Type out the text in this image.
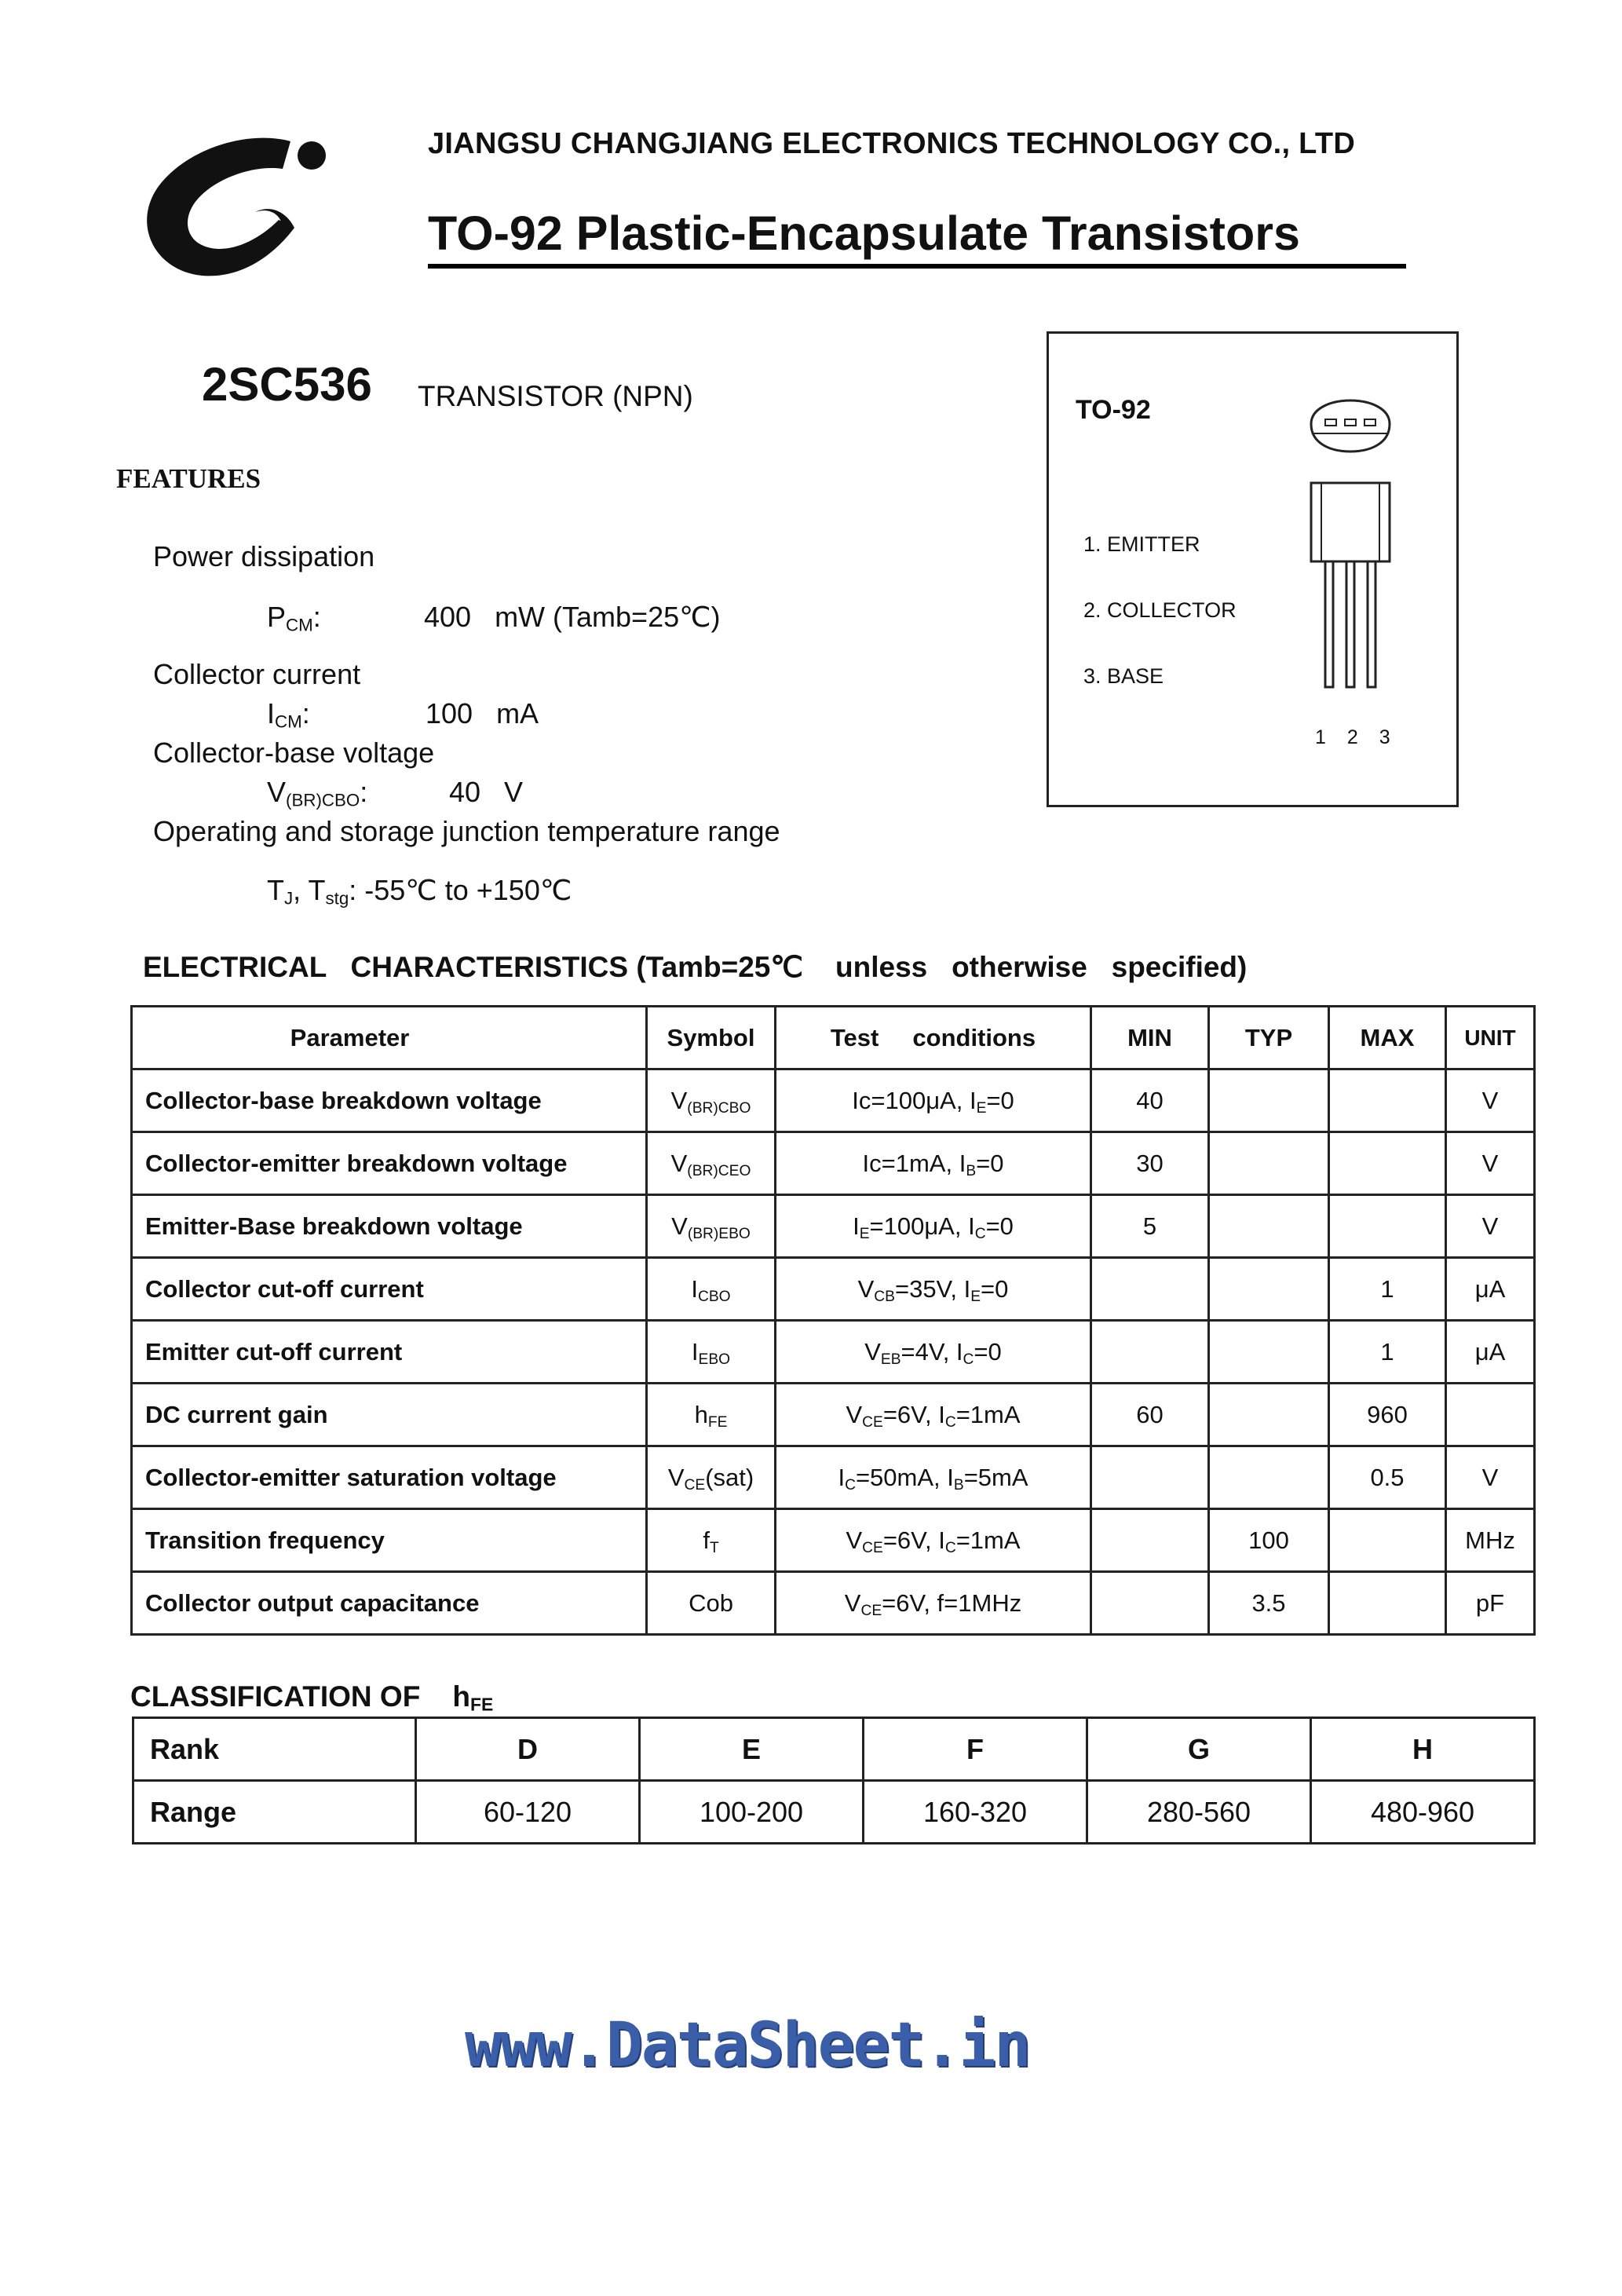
JIANGSU CHANGJIANG ELECTRONICS TECHNOLOGY CO., LTD
TO-92 Plastic-Encapsulate Transistors
2SC536 TRANSISTOR (NPN)
FEATURES
Power dissipation
$P_{CM}$:	400   mW (Tamb=25℃)
Collector current
$I_{CM}$:	100   mA
Collector-base voltage
$V_{(BR)CBO}$:	40   V
Operating and storage junction temperature range
$T_J$, $T_{stg}$: -55℃ to +150℃
TO-92
1. EMITTER
2. COLLECTOR
3. BASE
1 2 3
ELECTRICAL   CHARACTERISTICS (Tamb=25℃    unless   otherwise   specified)
Parameter	Symbol	Test     conditions	MIN	TYP	MAX	UNIT
Collector-base breakdown voltage	$V_{(BR)CBO}$	Ic=100μA, $I_E=0$	40			V
Collector-emitter breakdown voltage	$V_{(BR)CEO}$	Ic=1mA, $I_B=0$	30			V
Emitter-Base breakdown voltage	$V_{(BR)EBO}$	$I_E=100\mu A$, $I_C=0$	5			V
Collector cut-off current	$I_{CBO}$	$V_{CB}=35V$, $I_E=0$			1	μA
Emitter cut-off current	$I_{EBO}$	$V_{EB}=4V$, $I_C=0$			1	μA
DC current gain	$h_{FE}$	$V_{CE}=6V$, $I_C=1mA$	60		960	
Collector-emitter saturation voltage	$V_{CE}(sat)$	$I_C=50mA$, $I_B=5mA$			0.5	V
Transition frequency	$f_T$	$V_{CE}=6V$, $I_C=1mA$		100		MHz
Collector output capacitance	Cob	$V_{CE}=6V$, f=1MHz		3.5		pF
CLASSIFICATION OF    $h_{FE}$
Rank	D	E	F	G	H
Range	60-120	100-200	160-320	280-560	480-960
www.DataSheet.in
